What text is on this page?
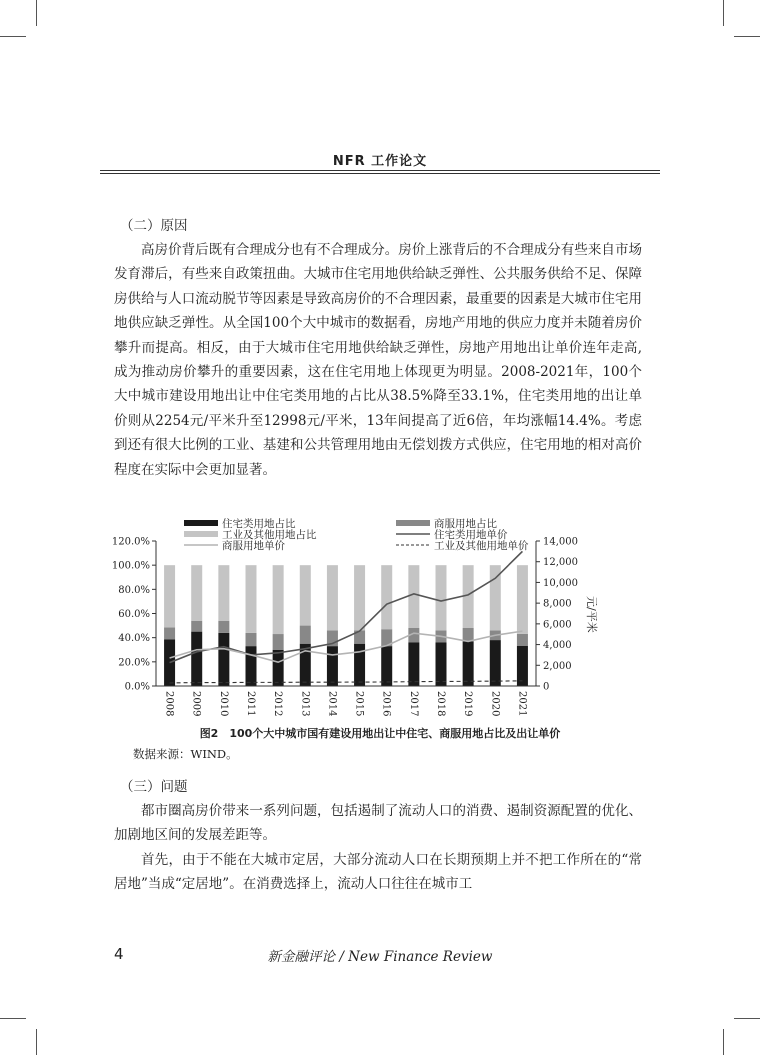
NFR 工作论文

（二）原因

高房价背后既有合理成分也有不合理成分。房价上涨背后的不合理成分有些来自市场发育滞后，有些来自政策扭曲。大城市住宅用地供给缺乏弹性、公共服务供给不足、保障房供给与人口流动脱节等因素是导致高房价的不合理因素，最重要的因素是大城市住宅用地供应缺乏弹性。从全国100个大中城市的数据看，房地产用地的供应力度并未随着房价攀升而提高。相反，由于大城市住宅用地供给缺乏弹性，房地产用地出让单价连年走高,成为推动房价攀升的重要因素，这在住宅用地上体现更为明显。2008-2021年，100个大中城市建设用地出让中住宅类用地的占比从38.5%降至33.1%，住宅类用地的出让单价则从2254元/平米升至12998元/平米，13年间提高了近6倍，年均涨幅14.4%。考虑到还有很大比例的工业、基建和公共管理用地由无偿划拨方式供应，住宅用地的相对高价程度在实际中会更加显著。

0.0%
20.0%
40.0%
60.0%
80.0%
100.0%
120.0%
0
2,000
4,000
6,000
8,000
10,000
12,000
14,000
元/平米
2008 2009 2010 2011 2012 2013 2014 2015 2016 2017 2018 2019 2020 2021
住宅类用地占比	商服用地占比
工业及其他用地占比	住宅类用地单价
商服用地单价	工业及其他用地单价
图2　100个大中城市国有建设用地出让中住宅、商服用地占比及出让单价
数据来源：WIND。

（三）问题

都市圈高房价带来一系列问题，包括遏制了流动人口的消费、遏制资源配置的优化、加剧地区间的发展差距等。

首先，由于不能在大城市定居，大部分流动人口在长期预期上并不把工作所在的“常居地”当成“定居地”。在消费选择上，流动人口往往在城市工

4	新金融评论 / New Finance Review
